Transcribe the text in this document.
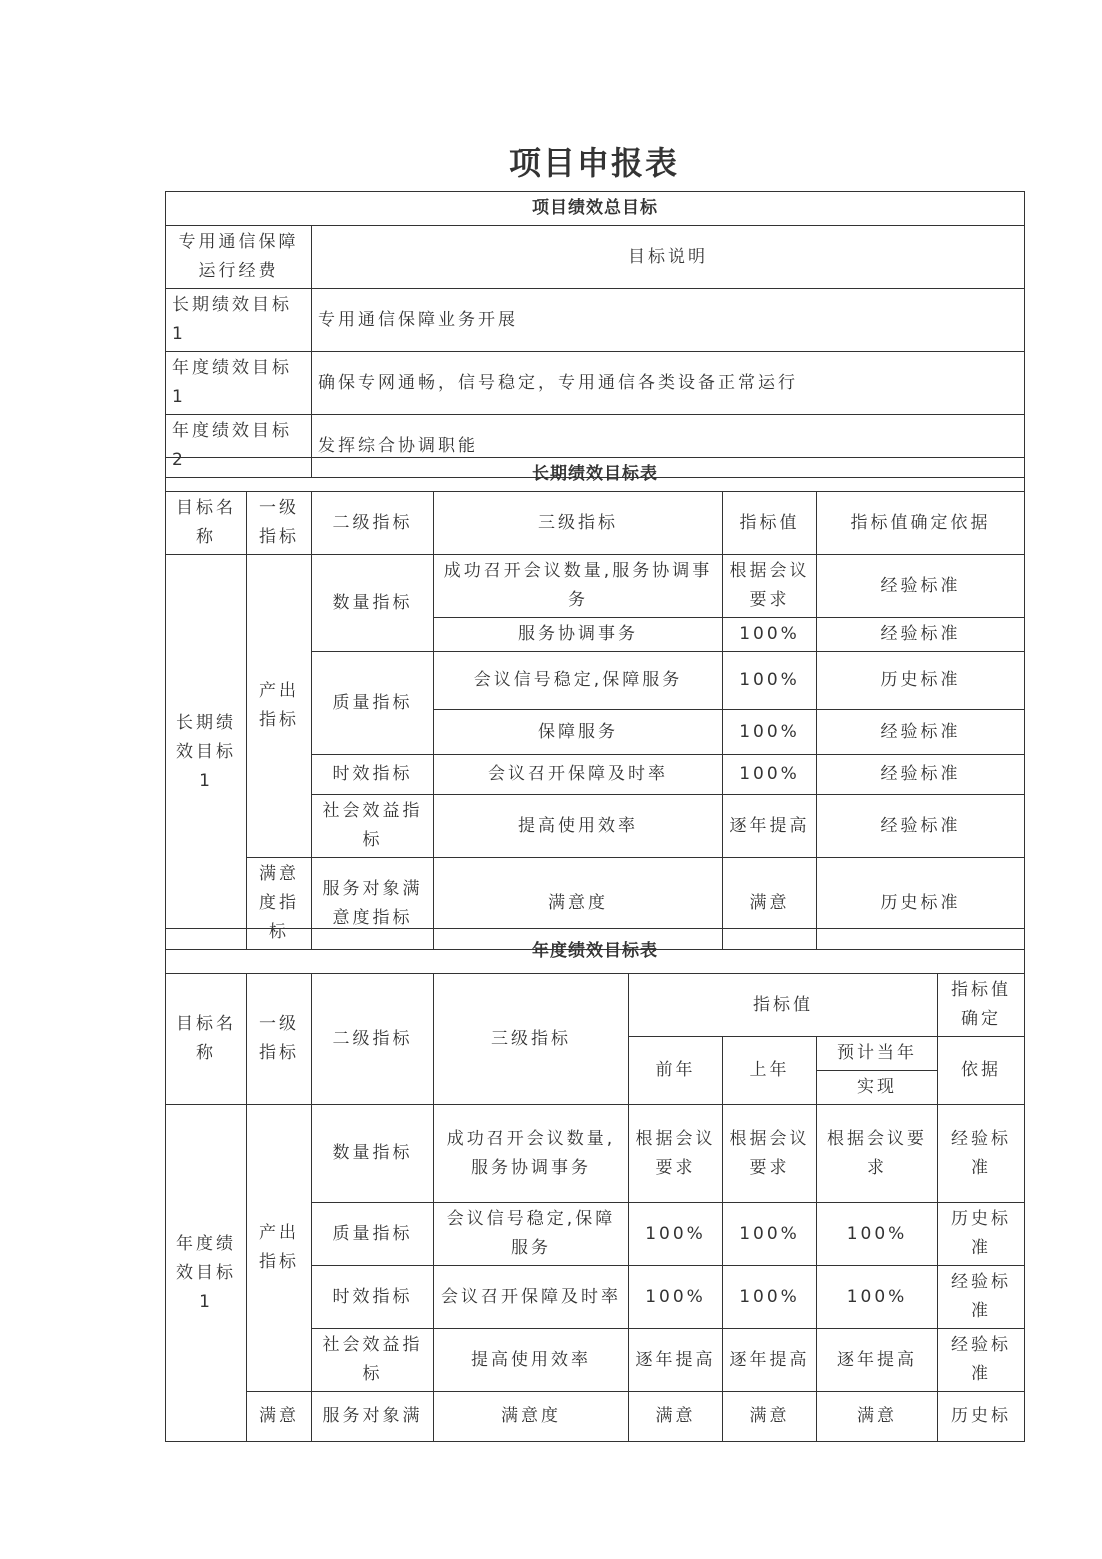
项目申报表
项目绩效总目标	
专用通信保障运行经费	目标说明
长期绩效目标1	专用通信保障业务开展
年度绩效目标1	确保专网通畅，信号稳定，专用通信各类设备正常运行
年度绩效目标2	发挥综合协调职能
长期绩效目标表					
目标名称	一级指标	二级指标	三级指标	指标值	指标值确定依据
长期绩效目标1	产出指标	数量指标	成功召开会议数量,服务协调事务	根据会议要求	经验标准
			服务协调事务	100%	经验标准
		质量指标	会议信号稳定,保障服务	100%	历史标准
			保障服务	100%	经验标准
		时效指标	会议召开保障及时率	100%	经验标准
		社会效益指标	提高使用效率	逐年提高	经验标准
	满意度指标	服务对象满意度指标	满意度	满意	历史标准
年度绩效目标表							
目标名称	一级指标	二级指标	三级指标	指标值			指标值确定
				前年	上年	预计当年	依据
						实现	
年度绩效目标1	产出指标	数量指标	成功召开会议数量,服务协调事务	根据会议要求	根据会议要求	根据会议要求	经验标准
		质量指标	会议信号稳定,保障服务	100%	100%	100%	历史标准
		时效指标	会议召开保障及时率	100%	100%	100%	经验标准
		社会效益指标	提高使用效率	逐年提高	逐年提高	逐年提高	经验标准
	满意	服务对象满	满意度	满意	满意	满意	历史标
